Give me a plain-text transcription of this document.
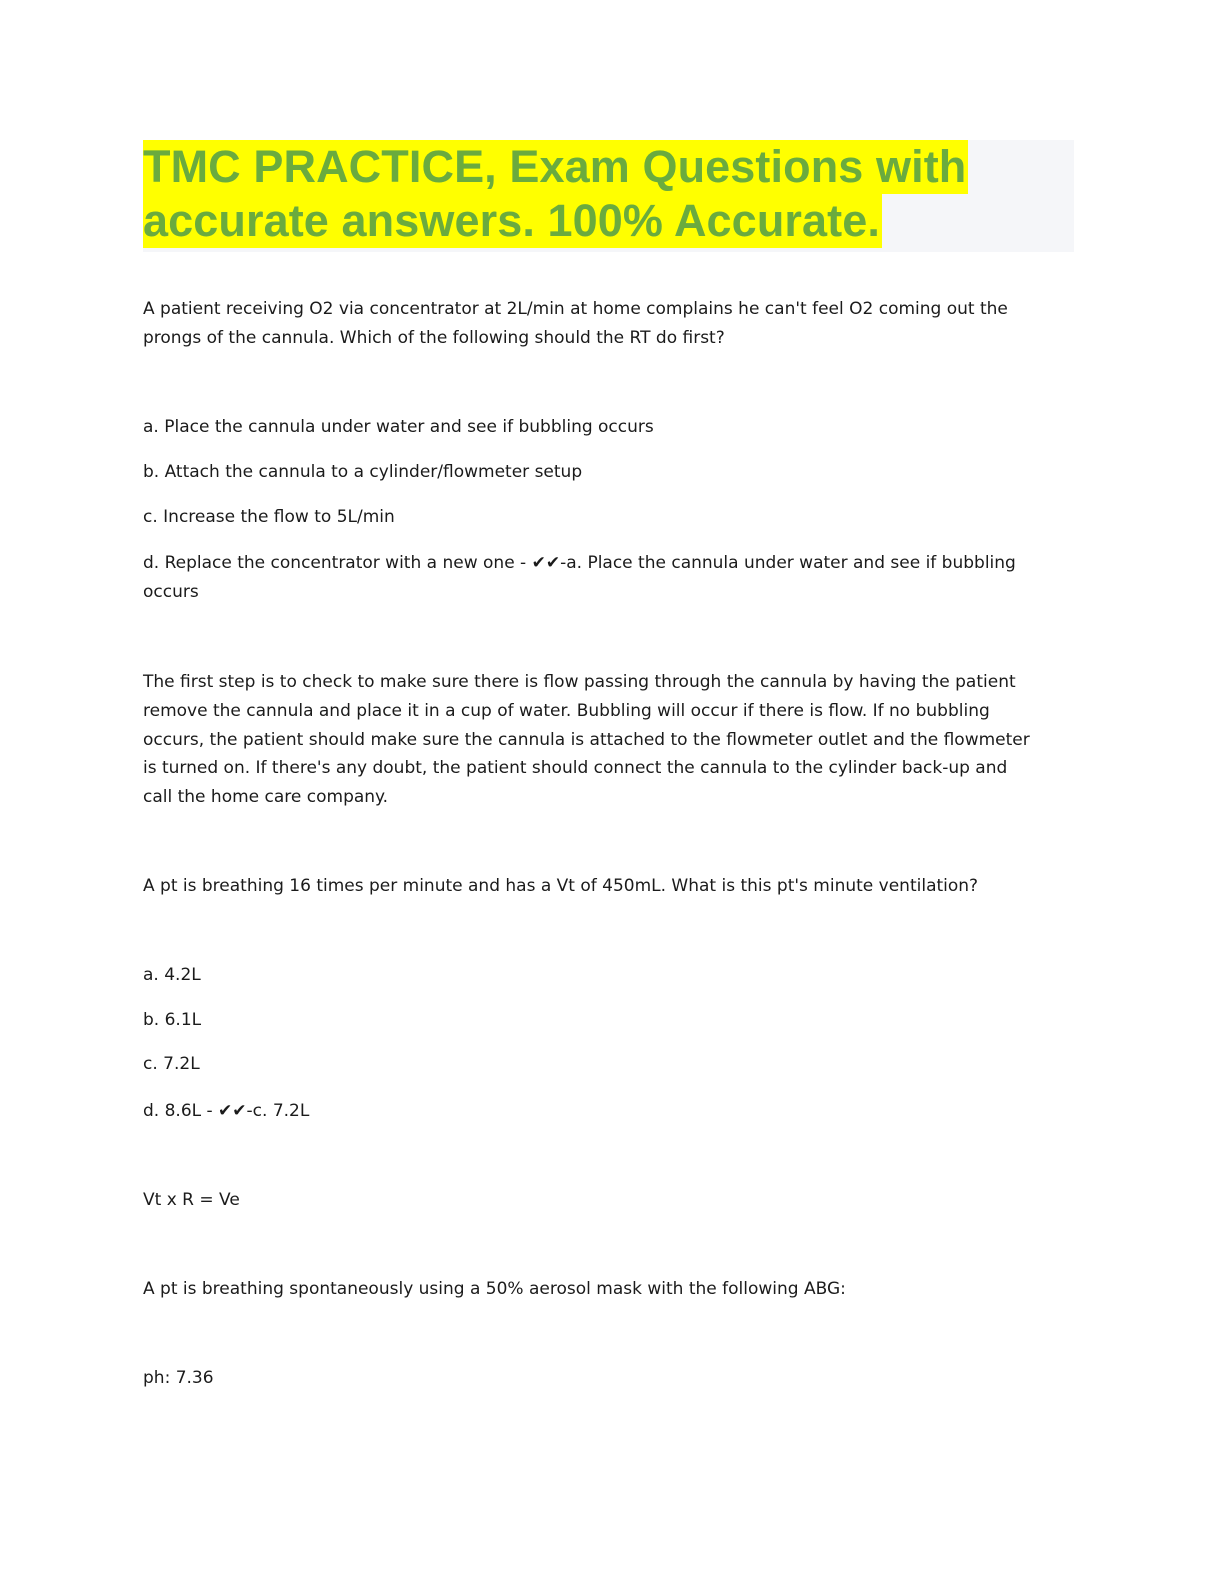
TMC PRACTICE, Exam Questions with
accurate answers. 100% Accurate.

A patient receiving O2 via concentrator at 2L/min at home complains he can't feel O2 coming out the

prongs of the cannula. Which of the following should the RT do first?

a. Place the cannula under water and see if bubbling occurs

b. Attach the cannula to a cylinder/flowmeter setup

c. Increase the flow to 5L/min

d. Replace the concentrator with a new one - ✔✔-a. Place the cannula under water and see if bubbling

occurs

The first step is to check to make sure there is flow passing through the cannula by having the patient

remove the cannula and place it in a cup of water. Bubbling will occur if there is flow. If no bubbling

occurs, the patient should make sure the cannula is attached to the flowmeter outlet and the flowmeter

is turned on. If there's any doubt, the patient should connect the cannula to the cylinder back-up and

call the home care company.

A pt is breathing 16 times per minute and has a Vt of 450mL. What is this pt's minute ventilation?

a. 4.2L

b. 6.1L

c. 7.2L

d. 8.6L - ✔✔-c. 7.2L

Vt x R = Ve

A pt is breathing spontaneously using a 50% aerosol mask with the following ABG:

ph: 7.36
